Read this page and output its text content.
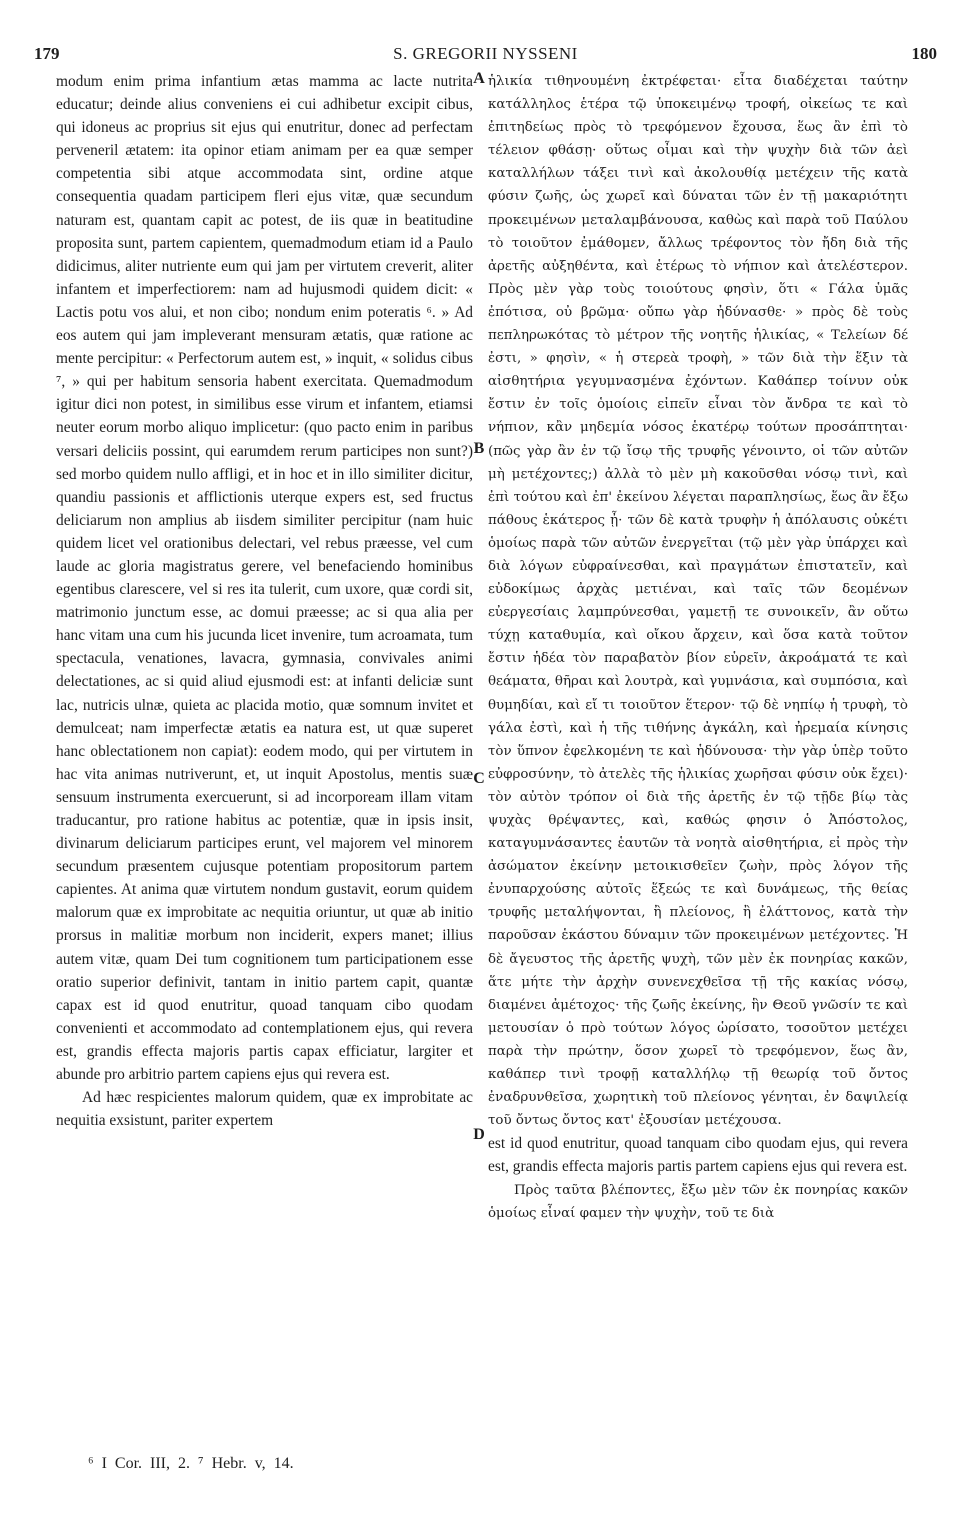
179	S. GREGORII NYSSENI	180

modum enim prima infantium ætas mamma ac lacte nutrita educatur; deinde alius conveniens ei cui adhibetur excipit cibus, qui idoneus ac proprius sit ejus qui enutritur, donec ad perfectam perveneril ætatem: ita opinor etiam animam per ea quæ semper competentia sibi atque accommodata sint, ordine atque consequentia quadam participem fleri ejus vitæ, quæ secundum naturam est, quantam capit ac potest, de iis quæ in beatitudine proposita sunt, partem capientem, quemadmodum etiam id a Paulo didicimus, aliter nutriente eum qui jam per virtutem creverit, aliter infantem et imperfectiorem: nam ad hujusmodi quidem dicit: « Lactis potu vos alui, et non cibo; nondum enim poteratis ⁶. » Ad eos autem qui jam impleverant mensuram ætatis, quæ ratione ac mente percipitur: « Perfectorum autem est, » inquit, « solidus cibus ⁷, » qui per habitum sensoria habent exercitata. Quemadmodum igitur dici non potest, in similibus esse virum et infantem, etiamsi neuter eorum morbo aliquo implicetur: (quo pacto enim in paribus versari deliciis possint, qui earumdem rerum participes non sunt?) sed morbo quidem nullo affligi, et in hoc et in illo similiter dicitur, quandiu passionis et afflictionis uterque expers est, sed fructus deliciarum non amplius ab iisdem similiter percipitur (nam huic quidem licet vel orationibus delectari, vel rebus præesse, vel cum laude ac gloria magistratus gerere, vel benefaciendo hominibus egentibus clarescere, vel si res ita tulerit, cum uxore, quæ cordi sit, matrimonio junctum esse, ac domui præesse; ac si qua alia per hanc vitam una cum his jucunda licet invenire, tum acroamata, tum spectacula, venationes, lavacra, gymnasia, convivales animi delectationes, ac si quid aliud ejusmodi est: at infanti deliciæ sunt lac, nutricis ulnæ, quieta ac placida motio, quæ somnum invitet et demulceat; nam imperfectæ ætatis ea natura est, ut quæ superet hanc oblectationem non capiat): eodem modo, qui per virtutem in hac vita animas nutriverunt, et, ut inquit Apostolus, mentis suæ sensuum instrumenta exercuerunt, si ad incorpoream illam vitam traducantur, pro ratione habitus ac potentiæ, quæ in ipsis insit, divinarum deliciarum participes erunt, vel majorem vel minorem secundum præsentem cujusque potentiam propositorum partem capientes. At anima quæ virtutem nondum gustavit, eorum quidem malorum quæ ex improbitate ac nequitia oriuntur, ut quæ ab initio prorsus in malitiæ morbum non inciderit, expers manet; illius autem vitæ, quam Dei tum cognitionem tum participationem esse oratio superior definivit, tantam in initio partem capit, quantæ capax est id quod enutritur, quoad tanquam cibo quodam convenienti et accommodato ad contemplationem ejus, qui revera est, grandis effecta majoris partis capax efficiatur, largiter et abunde pro arbitrio partem capiens ejus qui revera est.

Ad hæc respicientes malorum quidem, quæ ex improbitate ac nequitia exsistunt, pariter expertem

A
B
C
D

ἡλικία τιθηνουμένη ἐκτρέφεται· εἶτα διαδέχεται ταύτην κατάλληλος ἑτέρα τῷ ὑποκειμένῳ τροφή, οἰκείως τε καὶ ἐπιτηδείως πρὸς τὸ τρεφόμενον ἔχουσα, ἕως ἂν ἐπὶ τὸ τέλειον φθάσῃ· οὕτως οἶμαι καὶ τὴν ψυχὴν διὰ τῶν ἀεὶ καταλλήλων τάξει τινὶ καὶ ἀκολουθίᾳ μετέχειν τῆς κατὰ φύσιν ζωῆς, ὡς χωρεῖ καὶ δύναται τῶν ἐν τῇ μακαριότητι προκειμένων μεταλαμβάνουσα, καθὼς καὶ παρὰ τοῦ Παύλου τὸ τοιοῦτον ἐμάθομεν, ἄλλως τρέφοντος τὸν ἤδη διὰ τῆς ἀρετῆς αὐξηθέντα, καὶ ἑτέρως τὸ νήπιον καὶ ἀτελέστερον. Πρὸς μὲν γὰρ τοὺς τοιούτους φησὶν, ὅτι « Γάλα ὑμᾶς ἐπότισα, οὐ βρῶμα· οὔπω γὰρ ἠδύνασθε· » πρὸς δὲ τοὺς πεπληρωκότας τὸ μέτρον τῆς νοητῆς ἡλικίας, « Τελείων δέ ἐστι, » φησὶν, « ἡ στερεὰ τροφὴ, » τῶν διὰ τὴν ἕξιν τὰ αἰσθητήρια γεγυμνασμένα ἐχόντων. Καθάπερ τοίνυν οὐκ ἔστιν ἐν τοῖς ὁμοίοις εἰπεῖν εἶναι τὸν ἄνδρα τε καὶ τὸ νήπιον, κἂν μηδεμία νόσος ἑκατέρῳ τούτων προσάπτηται· (πῶς γὰρ ἂν ἐν τῷ ἴσῳ τῆς τρυφῆς γένοιντο, οἱ τῶν αὐτῶν μὴ μετέχοντες;) ἀλλὰ τὸ μὲν μὴ κακοῦσθαι νόσῳ τινὶ, καὶ ἐπὶ τούτου καὶ ἐπ' ἐκείνου λέγεται παραπλησίως, ἕως ἂν ἔξω πάθους ἑκάτερος ᾖ· τῶν δὲ κατὰ τρυφὴν ἡ ἀπόλαυσις οὐκέτι ὁμοίως παρὰ τῶν αὐτῶν ἐνεργεῖται (τῷ μὲν γὰρ ὑπάρχει καὶ διὰ λόγων εὐφραίνεσθαι, καὶ πραγμάτων ἐπιστατεῖν, καὶ εὐδοκίμως ἀρχὰς μετιέναι, καὶ ταῖς τῶν δεομένων εὐεργεσίαις λαμπρύνεσθαι, γαμετῇ τε συνοικεῖν, ἂν οὕτω τύχῃ καταθυμία, καὶ οἴκου ἄρχειν, καὶ ὅσα κατὰ τοῦτον ἔστιν ἡδέα τὸν παραβατὸν βίον εὑρεῖν, ἀκροάματά τε καὶ θεάματα, θῆραι καὶ λουτρὰ, καὶ γυμνάσια, καὶ συμπόσια, καὶ θυμηδίαι, καὶ εἴ τι τοιοῦτον ἕτερον· τῷ δὲ νηπίῳ ἡ τρυφὴ, τὸ γάλα ἐστὶ, καὶ ἡ τῆς τιθήνης ἀγκάλη, καὶ ἠρεμαία κίνησις τὸν ὕπνον ἐφελκομένη τε καὶ ἡδύνουσα· τὴν γὰρ ὑπὲρ τοῦτο εὐφροσύνην, τὸ ἀτελὲς τῆς ἡλικίας χωρῆσαι φύσιν οὐκ ἔχει)· τὸν αὐτὸν τρόπον οἱ διὰ τῆς ἀρετῆς ἐν τῷ τῇδε βίῳ τὰς ψυχὰς θρέψαντες, καὶ, καθώς φησιν ὁ Ἀπόστολος, καταγυμνάσαντες ἑαυτῶν τὰ νοητὰ αἰσθητήρια, εἰ πρὸς τὴν ἀσώματον ἐκείνην μετοικισθεῖεν ζωὴν, πρὸς λόγον τῆς ἐνυπαρχούσης αὐτοῖς ἕξεώς τε καὶ δυνάμεως, τῆς θείας τρυφῆς μεταλήψονται, ἢ πλείονος, ἢ ἐλάττονος, κατὰ τὴν παροῦσαν ἑκάστου δύναμιν τῶν προκειμένων μετέχοντες. Ἡ δὲ ἄγευστος τῆς ἀρετῆς ψυχὴ, τῶν μὲν ἐκ πονηρίας κακῶν, ἅτε μήτε τὴν ἀρχὴν συνενεχθεῖσα τῇ τῆς κακίας νόσῳ, διαμένει ἀμέτοχος· τῆς ζωῆς ἐκείνης, ἣν Θεοῦ γνῶσίν τε καὶ μετουσίαν ὁ πρὸ τούτων λόγος ὡρίσατο, τοσοῦτον μετέχει παρὰ τὴν πρώτην, ὅσον χωρεῖ τὸ τρεφόμενον, ἕως ἂν, καθάπερ τινὶ τροφῇ καταλλήλῳ τῇ θεωρίᾳ τοῦ ὄντος ἐναδρυνθεῖσα, χωρητικὴ τοῦ πλείονος γένηται, ἐν δαψιλείᾳ τοῦ ὄντως ὄντος κατ' ἐξουσίαν μετέχουσα.

est id quod enutritur, quoad tanquam cibo quodam ejus, qui revera est, grandis effecta majoris partis partem capiens ejus qui revera est.

Πρὸς ταῦτα βλέποντες, ἔξω μὲν τῶν ἐκ πονηρίας κακῶν ὁμοίως εἶναί φαμεν τὴν ψυχὴν, τοῦ τε διὰ

⁶ I Cor. III, 2. ⁷ Hebr. v, 14.
